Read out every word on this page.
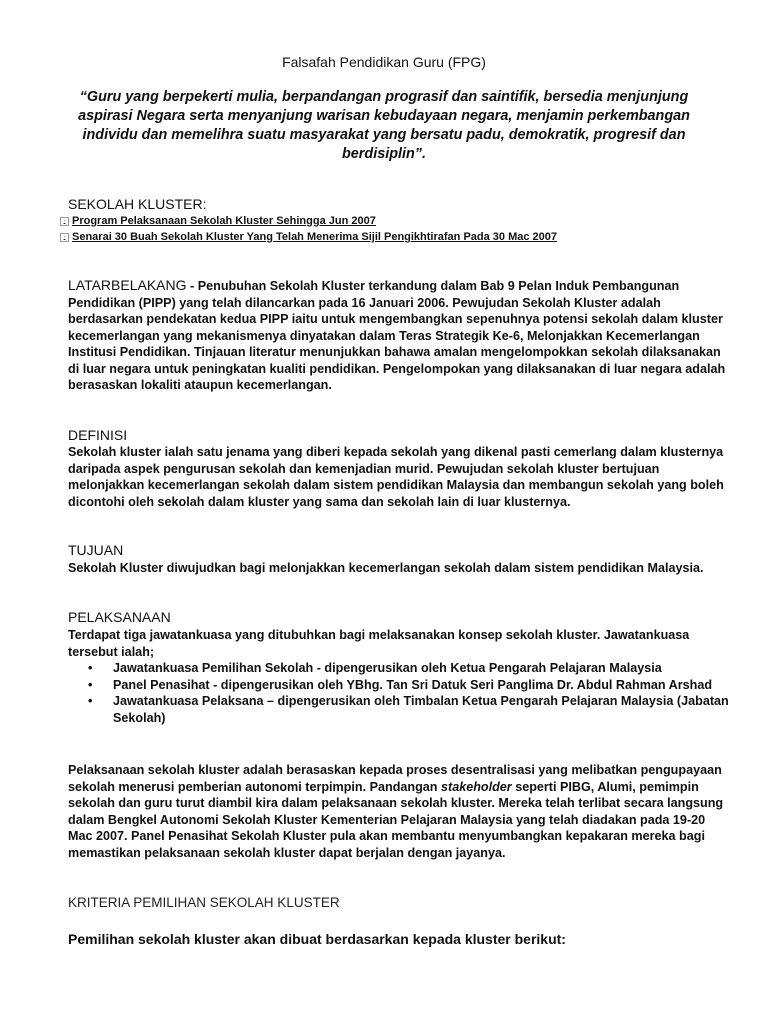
Falsafah Pendidikan Guru (FPG)
“Guru yang berpekerti mulia, berpandangan prograsif dan saintifik, bersedia menjunjung aspirasi Negara serta menyanjung warisan kebudayaan negara, menjamin perkembangan individu dan memelihra suatu masyarakat yang bersatu padu, demokratik, progresif dan berdisiplin”.
SEKOLAH KLUSTER:
▪ Program Pelaksanaan Sekolah Kluster Sehingga Jun 2007
▪ Senarai 30 Buah Sekolah Kluster Yang Telah Menerima Sijil Pengikhtirafan Pada 30 Mac 2007
LATARBELAKANG - Penubuhan Sekolah Kluster terkandung dalam Bab 9 Pelan Induk Pembangunan Pendidikan (PIPP) yang telah dilancarkan pada 16 Januari 2006. Pewujudan Sekolah Kluster adalah berdasarkan pendekatan kedua PIPP iaitu untuk mengembangkan sepenuhnya potensi sekolah dalam kluster kecemerlangan yang mekanismenya dinyatakan dalam Teras Strategik Ke-6, Melonjakkan Kecemerlangan Institusi Pendidikan. Tinjauan literatur menunjukkan bahawa amalan mengelompokkan sekolah dilaksanakan di luar negara untuk peningkatan kualiti pendidikan. Pengelompokan yang dilaksanakan di luar negara adalah berasaskan lokaliti ataupun kecemerlangan.
DEFINISI
Sekolah kluster ialah satu jenama yang diberi kepada sekolah yang dikenal pasti cemerlang dalam klusternya daripada aspek pengurusan sekolah dan kemenjadian murid. Pewujudan sekolah kluster bertujuan melonjakkan kecemerlangan sekolah dalam sistem pendidikan Malaysia dan membangun sekolah yang boleh dicontohi oleh sekolah dalam kluster yang sama dan sekolah lain di luar klusternya.
TUJUAN
Sekolah Kluster diwujudkan bagi melonjakkan kecemerlangan sekolah dalam sistem pendidikan Malaysia.
PELAKSANAAN
Terdapat tiga jawatankuasa yang ditubuhkan bagi melaksanakan konsep sekolah kluster. Jawatankuasa tersebut ialah;
• Jawatankuasa Pemilihan Sekolah - dipengerusikan oleh Ketua Pengarah Pelajaran Malaysia
• Panel Penasihat - dipengerusikan oleh YBhg. Tan Sri Datuk Seri Panglima Dr. Abdul Rahman Arshad
• Jawatankuasa Pelaksana – dipengerusikan oleh Timbalan Ketua Pengarah Pelajaran Malaysia (Jabatan Sekolah)
Pelaksanaan sekolah kluster adalah berasaskan kepada proses desentralisasi yang melibatkan pengupayaan sekolah menerusi pemberian autonomi terpimpin. Pandangan stakeholder seperti PIBG, Alumi, pemimpin sekolah dan guru turut diambil kira dalam pelaksanaan sekolah kluster. Mereka telah terlibat secara langsung dalam Bengkel Autonomi Sekolah Kluster Kementerian Pelajaran Malaysia yang telah diadakan pada 19-20 Mac 2007. Panel Penasihat Sekolah Kluster pula akan membantu menyumbangkan kepakaran mereka bagi memastikan pelaksanaan sekolah kluster dapat berjalan dengan jayanya.
KRITERIA PEMILIHAN SEKOLAH KLUSTER
Pemilihan sekolah kluster akan dibuat berdasarkan kepada kluster berikut:
